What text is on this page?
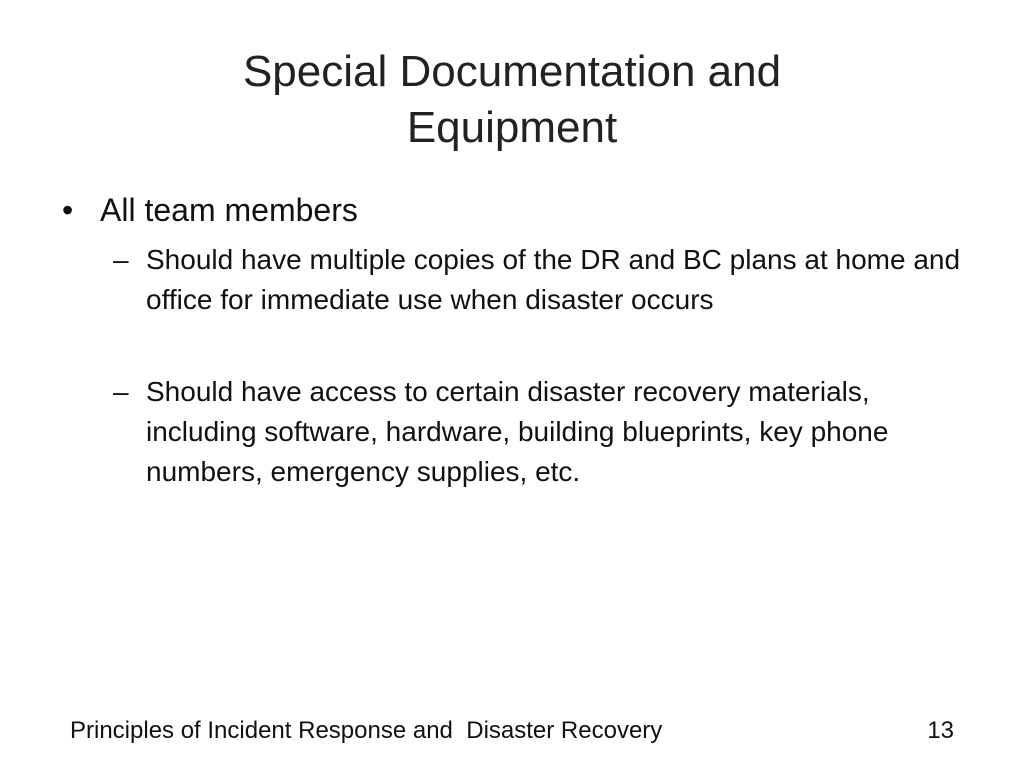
Special Documentation and
Equipment
• All team members
– Should have multiple copies of the DR and BC plans at home and office for immediate use when disaster occurs
– Should have access to certain disaster recovery materials, including software, hardware, building blueprints, key phone numbers, emergency supplies, etc.
Principles of Incident Response and  Disaster Recovery	13
